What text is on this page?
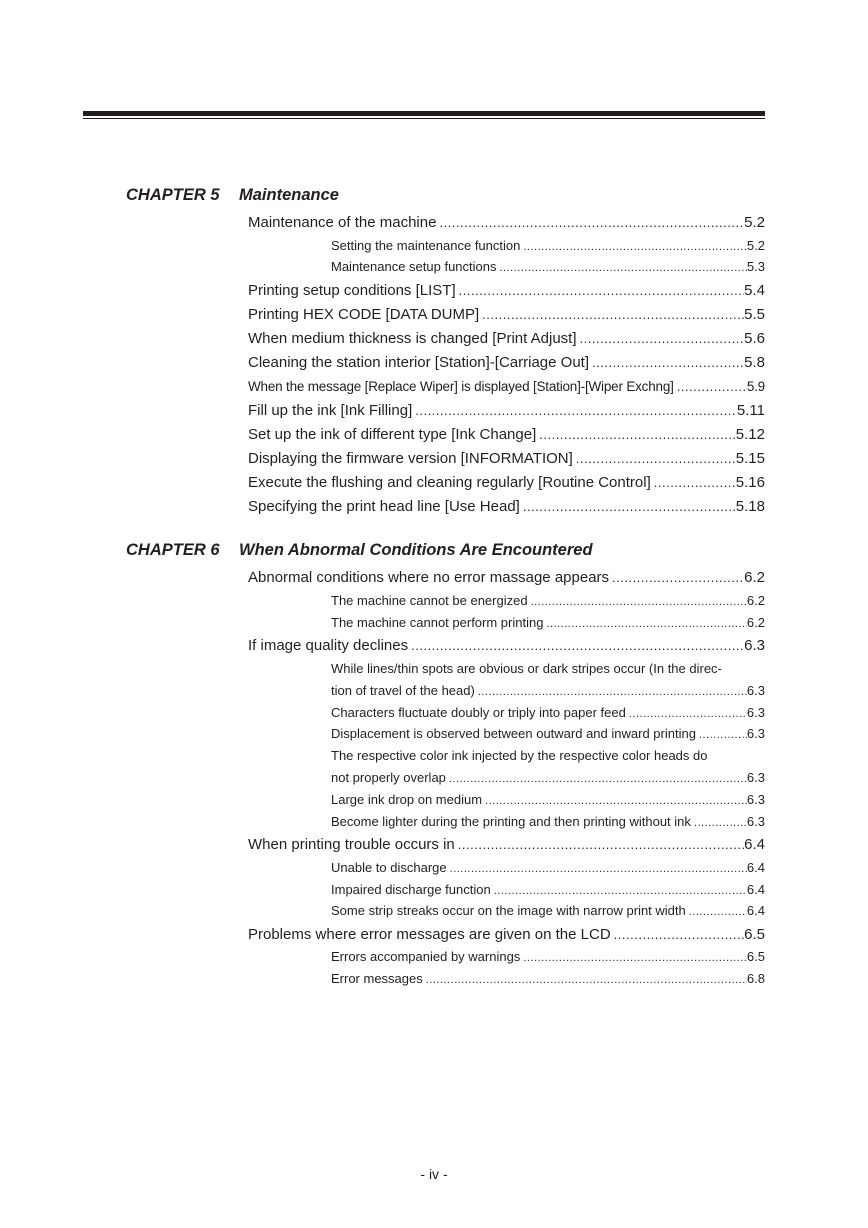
CHAPTER 5 Maintenance
Maintenance of the machine .....	5.2
Setting the maintenance function .....	5.2
Maintenance setup functions .....	5.3
Printing setup conditions [LIST] .....	5.4
Printing HEX CODE [DATA DUMP] .....	5.5
When medium thickness is changed [Print Adjust] .....	5.6
Cleaning the station interior [Station]-[Carriage Out] .....	5.8
When the message [Replace Wiper] is displayed [Station]-[Wiper Exchng] .....	5.9
Fill up the ink [Ink Filling] .....	5.11
Set up the ink of different type [Ink Change] .....	5.12
Displaying the firmware version [INFORMATION] .....	5.15
Execute the flushing and cleaning regularly [Routine Control] .....	5.16
Specifying the print head line [Use Head] .....	5.18
CHAPTER 6 When Abnormal Conditions Are Encountered
Abnormal conditions where no error massage appears .....	6.2
The machine cannot be energized .....	6.2
The machine cannot perform printing .....	6.2
If image quality declines .....	6.3
While lines/thin spots are obvious or dark stripes occur (In the direc-
tion of travel of the head) .....	6.3
Characters fluctuate doubly or triply into paper feed .....	6.3
Displacement is observed between outward and inward printing .....	6.3
The respective color ink injected by the respective color heads do
not properly overlap .....	6.3
Large ink drop on medium .....	6.3
Become lighter during the printing and then printing without ink .....	6.3
When printing trouble occurs in .....	6.4
Unable to discharge .....	6.4
Impaired discharge function .....	6.4
Some strip streaks occur on the image with narrow print width .....	6.4
Problems where error messages are given on the LCD .....	6.5
Errors accompanied by warnings .....	6.5
Error messages .....	6.8
- iv -
